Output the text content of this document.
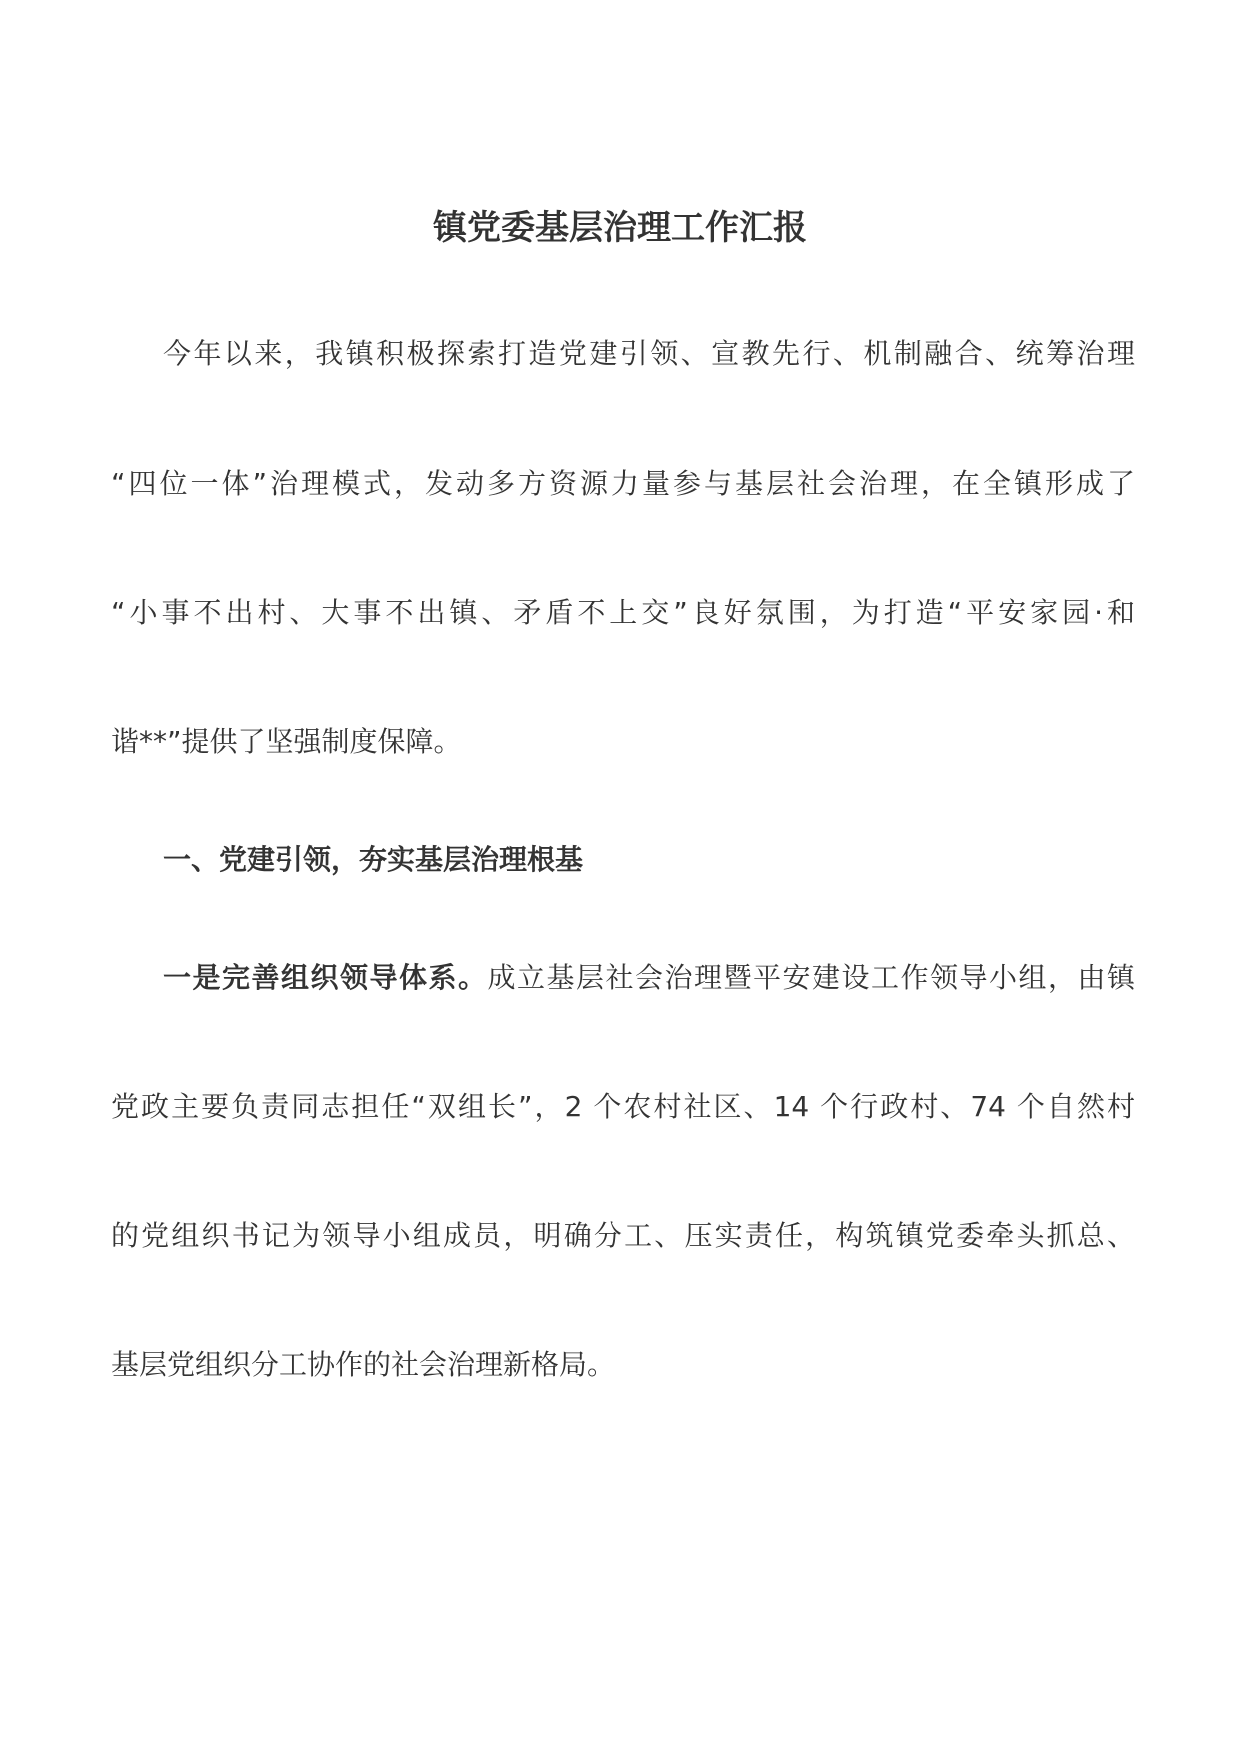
镇党委基层治理工作汇报
今年以来，我镇积极探索打造党建引领、宣教先行、机制融合、统筹治理
“四位一体”治理模式，发动多方资源力量参与基层社会治理，在全镇形成了
“小事不出村、大事不出镇、矛盾不上交”良好氛围，为打造“平安家园·和
谐**”提供了坚强制度保障。
一、党建引领，夯实基层治理根基
一是完善组织领导体系。成立基层社会治理暨平安建设工作领导小组，由镇
党政主要负责同志担任“双组长”，2 个农村社区、14 个行政村、74 个自然村
的党组织书记为领导小组成员，明确分工、压实责任，构筑镇党委牵头抓总、
基层党组织分工协作的社会治理新格局。
